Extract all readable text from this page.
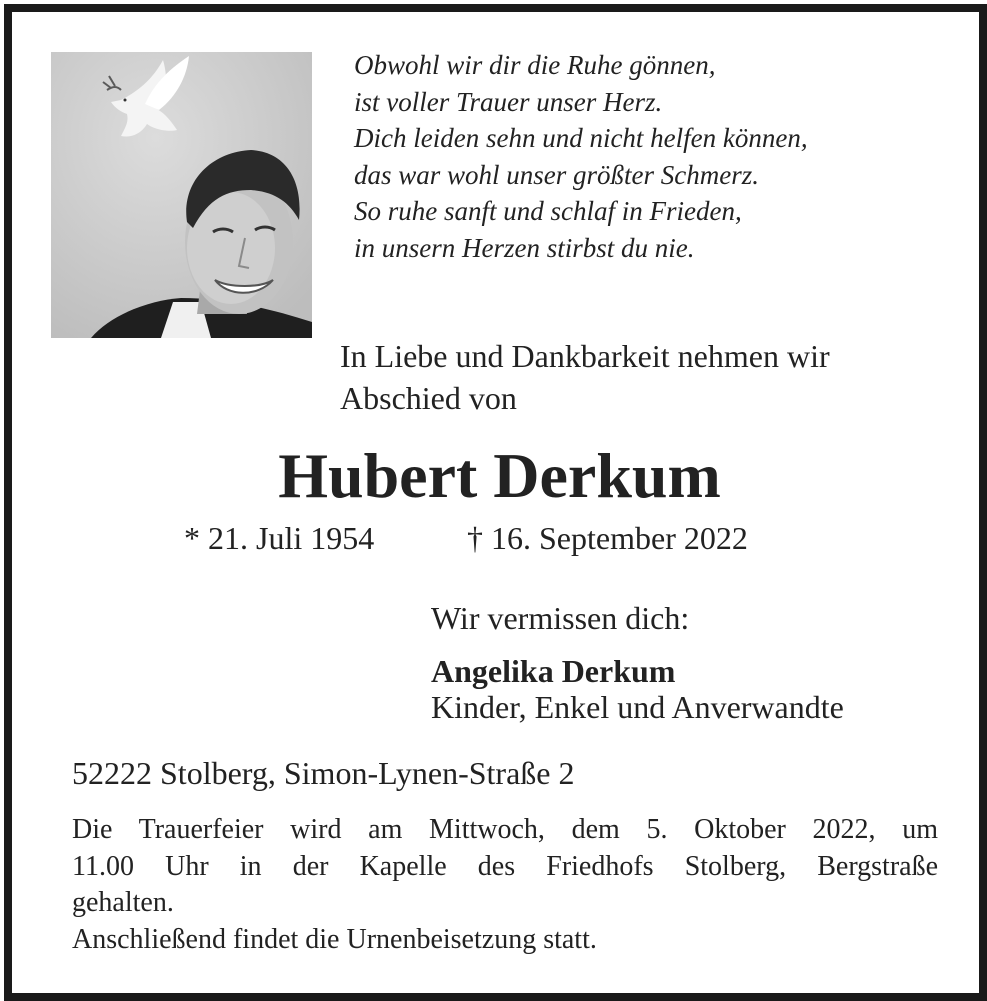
Obwohl wir dir die Ruhe gönnen,
ist voller Trauer unser Herz.
Dich leiden sehn und nicht helfen können,
das war wohl unser größter Schmerz.
So ruhe sanft und schlaf in Frieden,
in unsern Herzen stirbst du nie.
In Liebe und Dankbarkeit nehmen wir
Abschied von
Hubert Derkum
* 21. Juli 1954	† 16. September 2022
Wir vermissen dich:
Angelika Derkum
Kinder, Enkel und Anverwandte
52222 Stolberg, Simon-Lynen-Straße 2
Die Trauerfeier wird am Mittwoch, dem 5. Oktober 2022, um
11.00 Uhr in der Kapelle des Friedhofs Stolberg, Bergstraße
gehalten.
Anschließend findet die Urnenbeisetzung statt.
